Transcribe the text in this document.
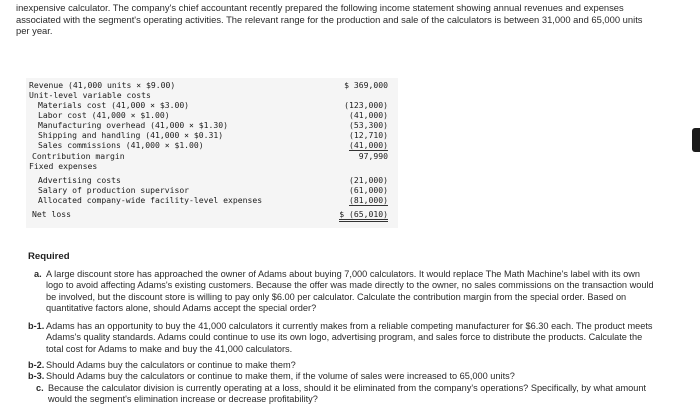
inexpensive calculator. The company's chief accountant recently prepared the following income statement showing annual revenues and expenses associated with the segment's operating activities. The relevant range for the production and sale of the calculators is between 31,000 and 65,000 units per year.

Revenue (41,000 units × $9.00)

	$ 369,000

Unit-level variable costs

Materials cost (41,000 × $3.00)

	(123,000)

Labor cost (41,000 × $1.00)

	(41,000)

Manufacturing overhead (41,000 × $1.30)

	(53,300)

Shipping and handling (41,000 × $0.31)

	(12,710)

Sales commissions (41,000 × $1.00)

	(41,000)

Contribution margin

	97,990

Fixed expenses

Advertising costs

	(21,000)

Salary of production supervisor

	(61,000)

Allocated company-wide facility-level expenses

	(81,000)

Net loss

	$ (65,010)

Required
a. A large discount store has approached the owner of Adams about buying 7,000 calculators. It would replace The Math Machine's label with its own logo to avoid affecting Adams's existing customers. Because the offer was made directly to the owner, no sales commissions on the transaction would be involved, but the discount store is willing to pay only $6.00 per calculator. Calculate the contribution margin from the special order. Based on quantitative factors alone, should Adams accept the special order?
b-1. Adams has an opportunity to buy the 41,000 calculators it currently makes from a reliable competing manufacturer for $6.30 each. The product meets Adams's quality standards. Adams could continue to use its own logo, advertising program, and sales force to distribute the products. Calculate the total cost for Adams to make and buy the 41,000 calculators.
b-2. Should Adams buy the calculators or continue to make them?
b-3. Should Adams buy the calculators or continue to make them, if the volume of sales were increased to 65,000 units?
c. Because the calculator division is currently operating at a loss, should it be eliminated from the company's operations? Specifically, by what amount would the segment's elimination increase or decrease profitability?
